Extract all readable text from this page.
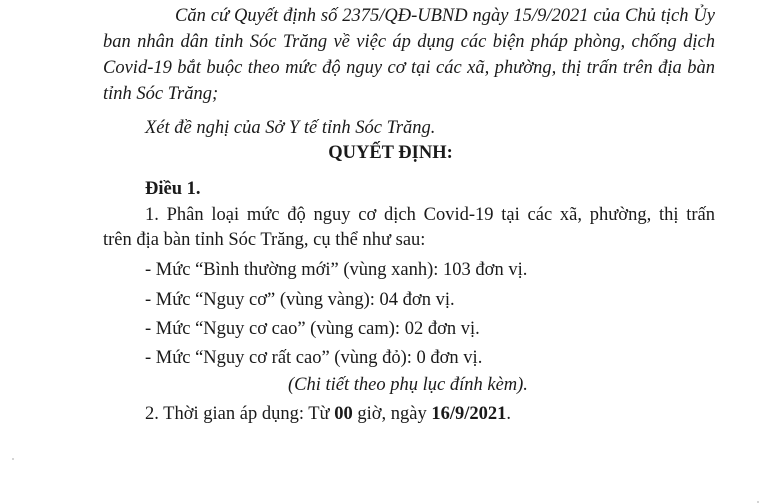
Căn cứ Quyết định số 2375/QĐ-UBND ngày 15/9/2021 của Chủ tịch Ủy
ban nhân dân tỉnh Sóc Trăng về việc áp dụng các biện pháp phòng, chống dịch
Covid-19 bắt buộc theo mức độ nguy cơ tại các xã, phường, thị trấn trên địa bàn
tỉnh Sóc Trăng;
Xét đề nghị của Sở Y tế tỉnh Sóc Trăng.
QUYẾT ĐỊNH:
Điều 1.
1. Phân loại mức độ nguy cơ dịch Covid-19 tại các xã, phường, thị trấn
trên địa bàn tỉnh Sóc Trăng, cụ thể như sau:
- Mức “Bình thường mới” (vùng xanh): 103 đơn vị.
- Mức “Nguy cơ” (vùng vàng): 04 đơn vị.
- Mức “Nguy cơ cao” (vùng cam): 02 đơn vị.
- Mức “Nguy cơ rất cao” (vùng đỏ): 0 đơn vị.
(Chi tiết theo phụ lục đính kèm).
2. Thời gian áp dụng: Từ 00 giờ, ngày 16/9/2021.
